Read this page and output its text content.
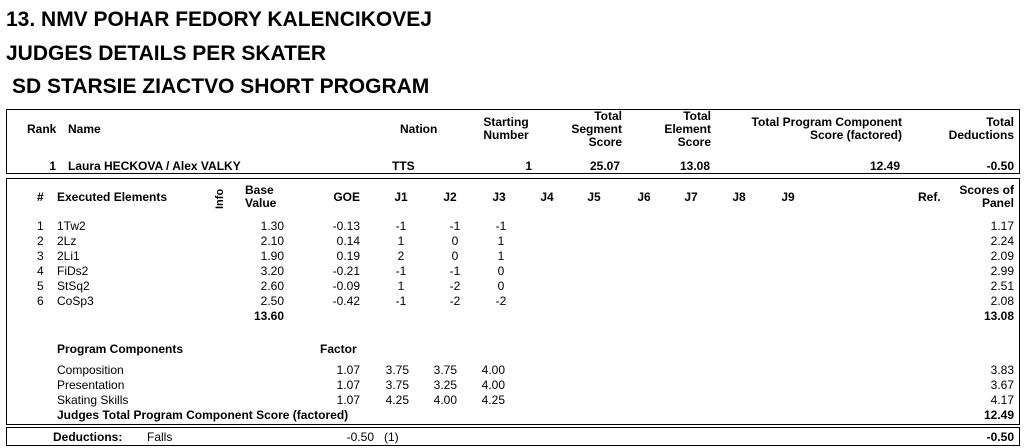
13. NMV POHAR FEDORY KALENCIKOVEJ
JUDGES DETAILS PER SKATER
SD STARSIE ZIACTVO SHORT PROGRAM
Rank Name	Nation	Starting
Number
Total
Segment
Score
Total
Element
Score
Total Program Component
Score (factored)
Total
Deductions
1 Laura HECKOVA / Alex VALKY	TTS	1	25.07	13.08	12.49	-0.50
# Executed Elements	Info Base
Value	GOE	J1	J2	J3	J4	J5	J6	J7	J8	J9	Ref.	Scores of
Panel
1 1Tw2	1.30	-0.13	-1	-1	-1	1.17
2 2Lz	2.10	0.14	1	0	1	2.24
3 2Li1	1.90	0.19	2	0	1	2.09
4 FiDs2	3.20	-0.21	-1	-1	0	2.99
5 StSq2	2.60	-0.09	1	-2	0	2.51
6 CoSp3	2.50	-0.42	-1	-2	-2	2.08
13.60	13.08
Program Components	Factor
Composition	1.07	3.75	3.75	4.00	3.83
Presentation	1.07	3.75	3.25	4.00	3.67
Skating Skills	1.07	4.25	4.00	4.25	4.17
Judges Total Program Component Score (factored)	12.49
Deductions: Falls	-0.50 (1)	-0.50
